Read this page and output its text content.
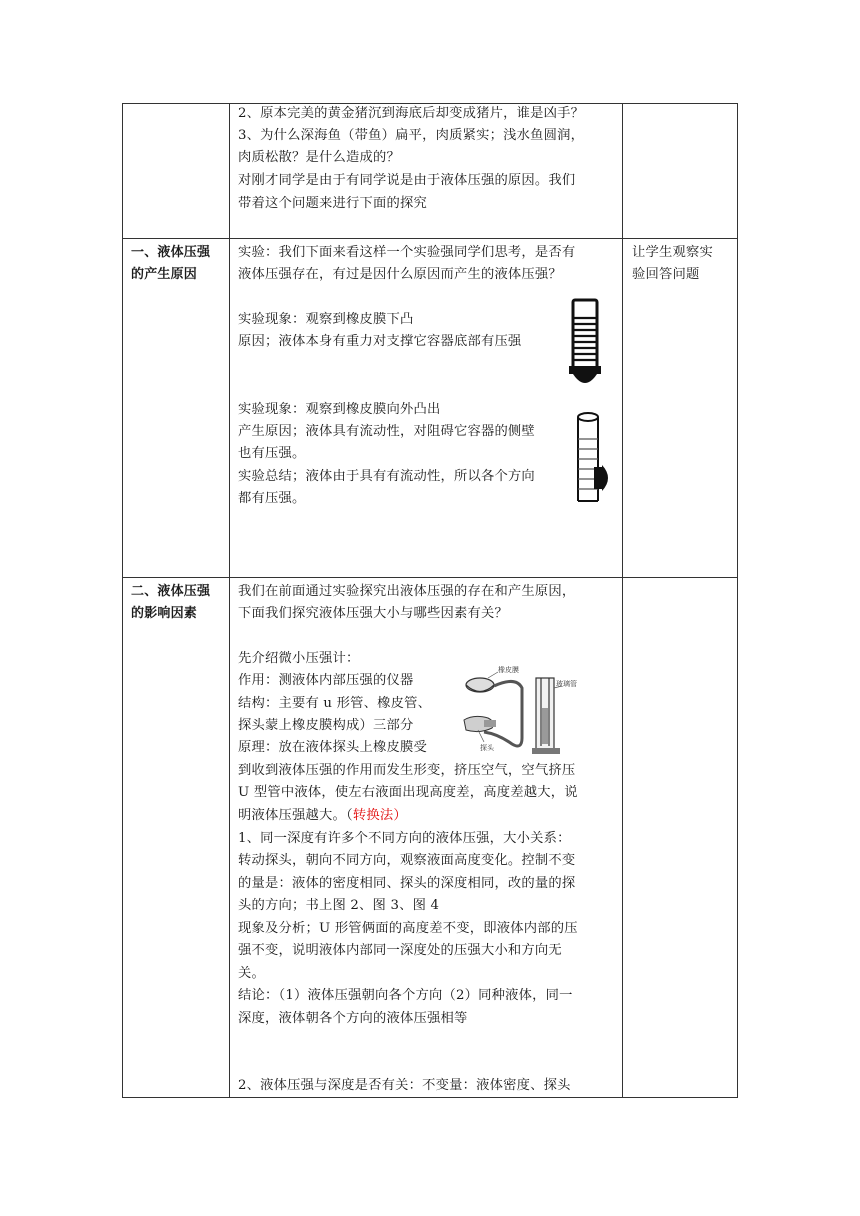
2、原本完美的黄金猪沉到海底后却变成猪片，谁是凶手？
3、为什么深海鱼（带鱼）扁平，肉质紧实；浅水鱼圆润，
肉质松散？是什么造成的？
对刚才同学是由于有同学说是由于液体压强的原因。我们
带着这个问题来进行下面的探究
一、液体压强
的产生原因
实验：我们下面来看这样一个实验强同学们思考，是否有
液体压强存在，有过是因什么原因而产生的液体压强？
实验现象：观察到橡皮膜下凸
原因；液体本身有重力对支撑它容器底部有压强
实验现象：观察到橡皮膜向外凸出
产生原因；液体具有流动性，对阻碍它容器的侧壁
也有压强。
实验总结；液体由于具有有流动性，所以各个方向
都有压强。
让学生观察实
验回答问题
二、液体压强
的影响因素
我们在前面通过实验探究出液体压强的存在和产生原因，
下面我们探究液体压强大小与哪些因素有关？
先介绍微小压强计：
作用：测液体内部压强的仪器
结构：主要有 u 形管、橡皮管、
探头蒙上橡皮膜构成）三部分
原理：放在液体探头上橡皮膜受
到收到液体压强的作用而发生形变，挤压空气，空气挤压
U 型管中液体，使左右液面出现高度差，高度差越大，说
明液体压强越大。（转换法）
1、同一深度有许多个不同方向的液体压强，大小关系：
转动探头，朝向不同方向，观察液面高度变化。控制不变
的量是：液体的密度相同、探头的深度相同，改的量的探
头的方向；书上图 2、图 3、图 4
现象及分析；U 形管俩面的高度差不变，即液体内部的压
强不变，说明液体内部同一深度处的压强大小和方向无
关。
结论：（1）液体压强朝向各个方向（2）同种液体，同一
深度，液体朝各个方向的液体压强相等
2、液体压强与深度是否有关：不变量：液体密度、探头
橡皮膜
玻璃管
探头
